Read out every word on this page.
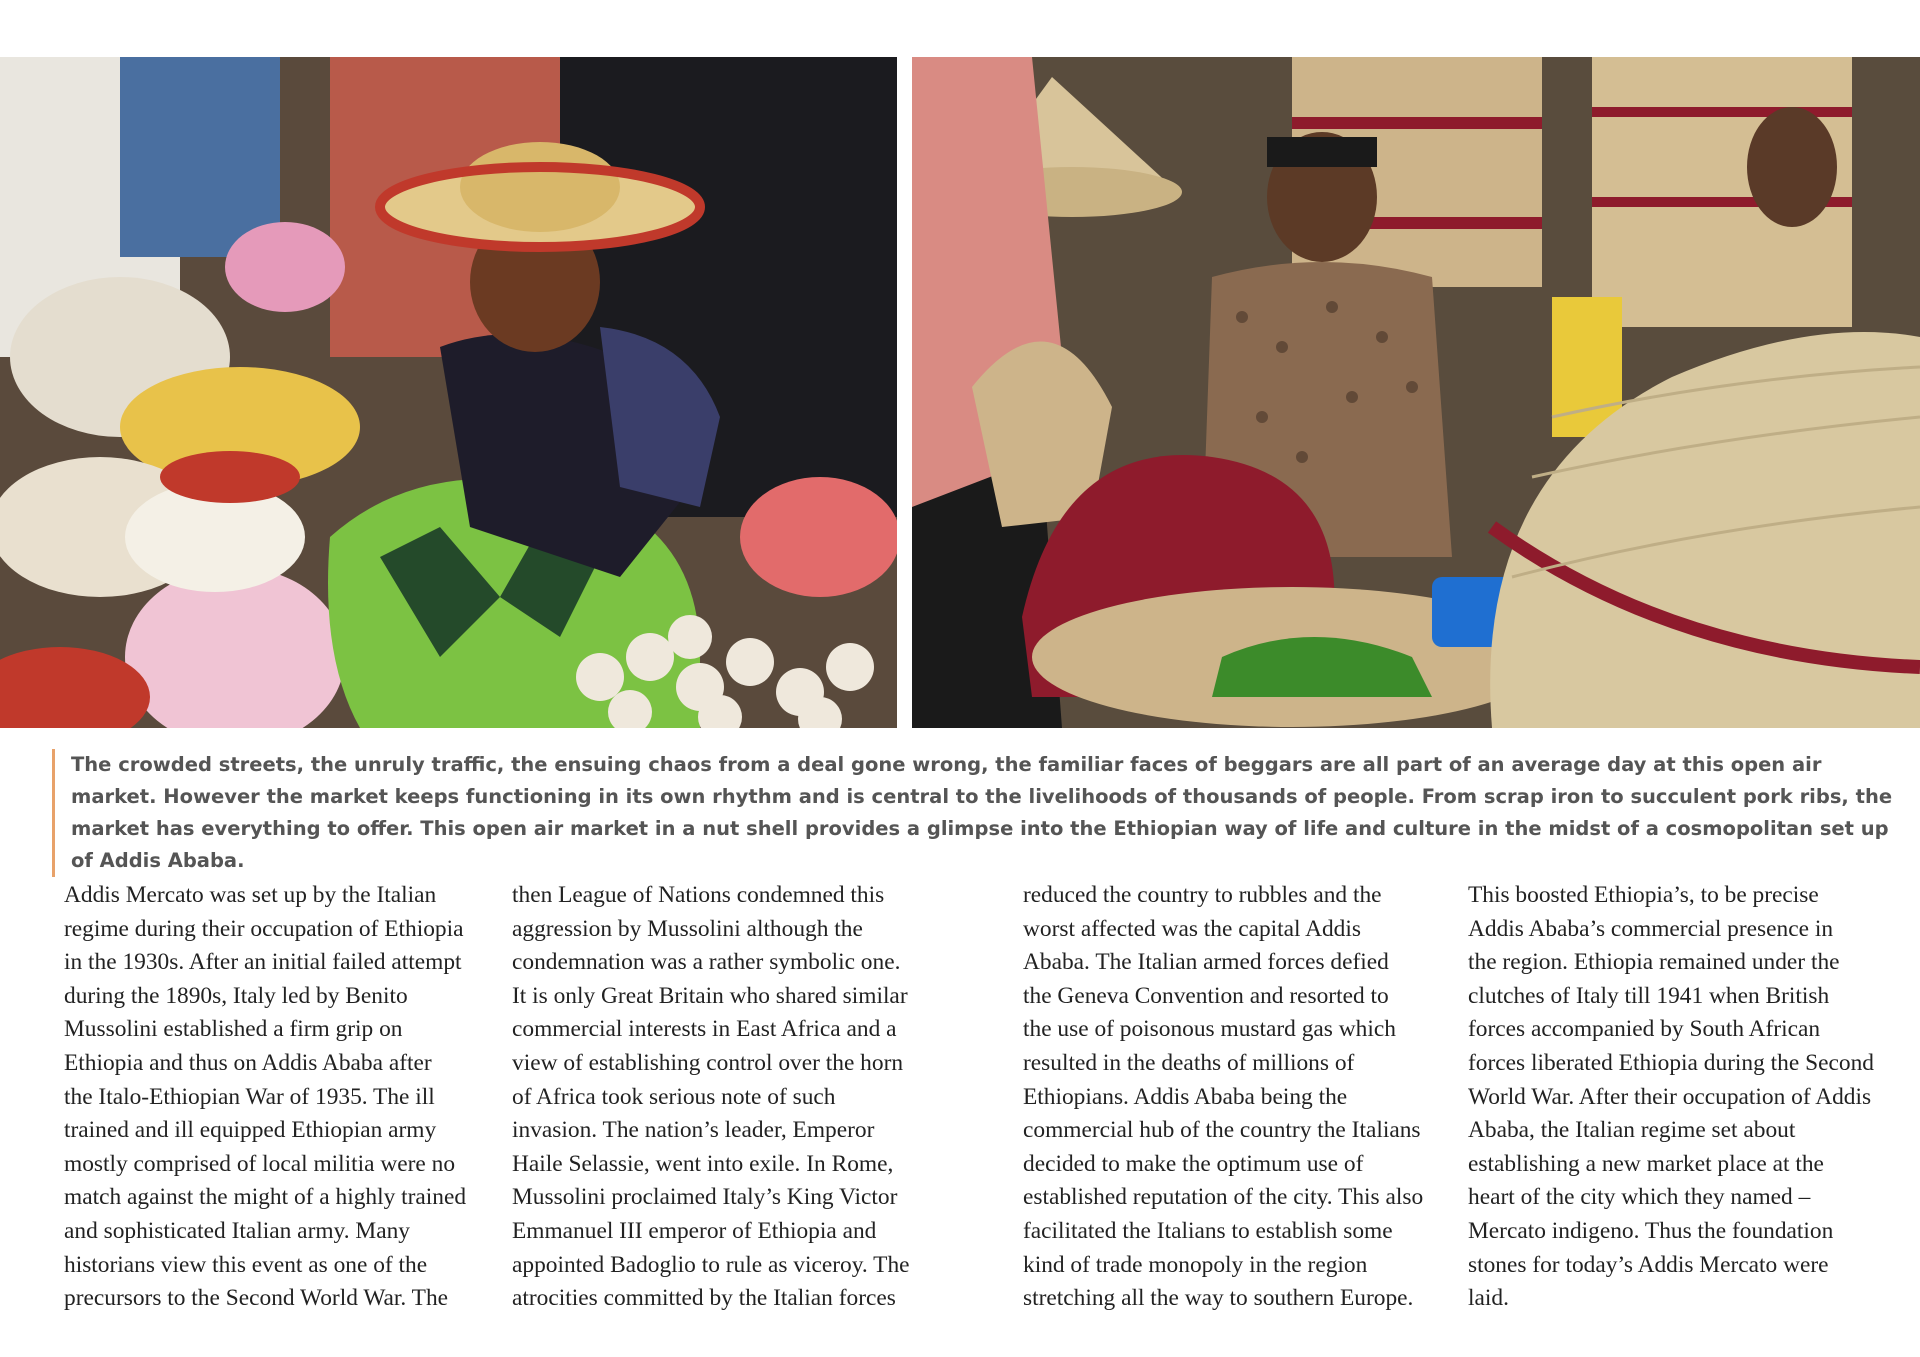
The crowded streets, the unruly traffic, the ensuing chaos from a deal gone wrong, the familiar faces of beggars are all part of an average day at this open air market. However the market keeps functioning in its own rhythm and is central to the livelihoods of thousands of people. From scrap iron to succulent pork ribs, the market has everything to offer. This open air market in a nut shell provides a glimpse into the Ethiopian way of life and culture in the midst of a cosmopolitan set up of Addis Ababa.
Addis Mercato was set up by the Italian
regime during their occupation of Ethiopia
in the 1930s. After an initial failed attempt
during the 1890s, Italy led by Benito
Mussolini established a firm grip on
Ethiopia and thus on Addis Ababa after
the Italo-Ethiopian War of 1935. The ill
trained and ill equipped Ethiopian army
mostly comprised of local militia were no
match against the might of a highly trained
and sophisticated Italian army. Many
historians view this event as one of the
precursors to the Second World War. The
then League of Nations condemned this
aggression by Mussolini although the
condemnation was a rather symbolic one.
It is only Great Britain who shared similar
commercial interests in East Africa and a
view of establishing control over the horn
of Africa took serious note of such
invasion. The nation’s leader, Emperor
Haile Selassie, went into exile. In Rome,
Mussolini proclaimed Italy’s King Victor
Emmanuel III emperor of Ethiopia and
appointed Badoglio to rule as viceroy. The
atrocities committed by the Italian forces
reduced the country to rubbles and the
worst affected was the capital Addis
Ababa. The Italian armed forces defied
the Geneva Convention and resorted to
the use of poisonous mustard gas which
resulted in the deaths of millions of
Ethiopians. Addis Ababa being the
commercial hub of the country the Italians
decided to make the optimum use of
established reputation of the city. This also
facilitated the Italians to establish some
kind of trade monopoly in the region
stretching all the way to southern Europe.
This boosted Ethiopia’s, to be precise
Addis Ababa’s commercial presence in
the region. Ethiopia remained under the
clutches of Italy till 1941 when British
forces accompanied by South African
forces liberated Ethiopia during the Second
World War. After their occupation of Addis
Ababa, the Italian regime set about
establishing a new market place at the
heart of the city which they named –
Mercato indigeno. Thus the foundation
stones for today’s Addis Mercato were
laid.
